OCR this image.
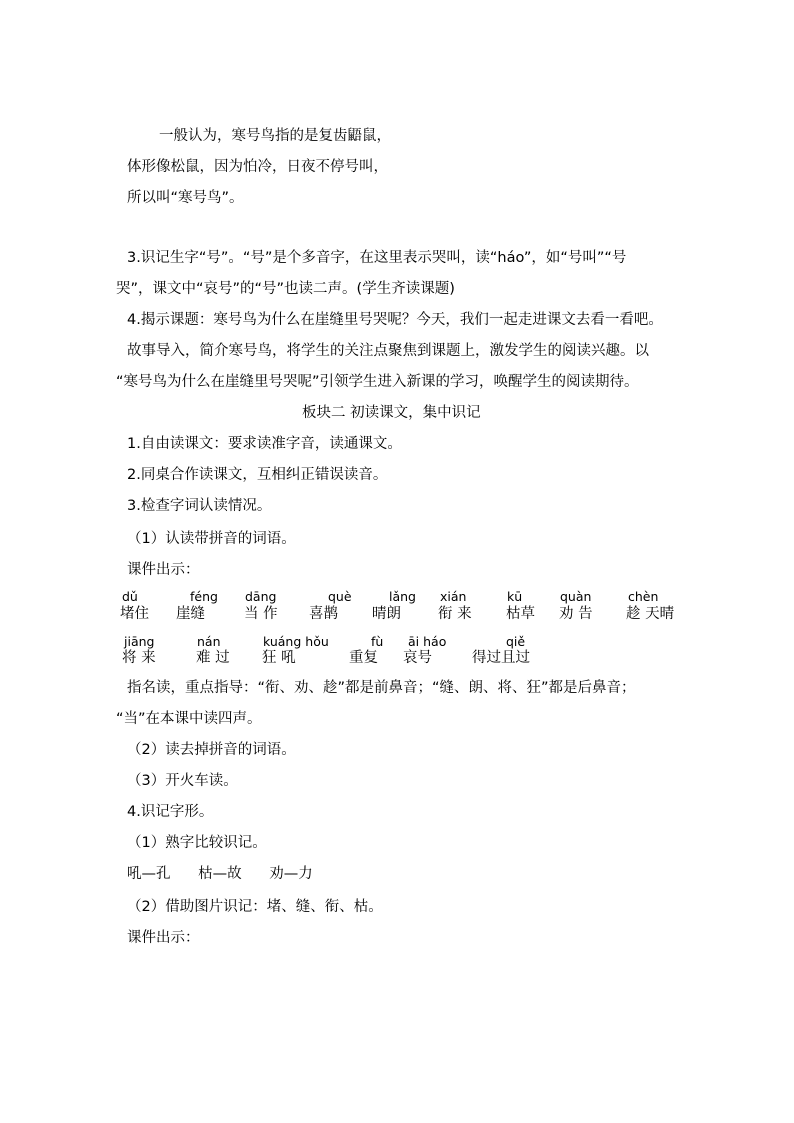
一般认为，寒号鸟指的是复齿鼯鼠，
体形像松鼠，因为怕冷，日夜不停号叫，
所以叫“寒号鸟”。
3.识记生字“号”。“号”是个多音字，在这里表示哭叫，读“háo”，如“号叫”“号
哭”，课文中“哀号”的“号”也读二声。(学生齐读课题)
4.揭示课题：寒号鸟为什么在崖缝里号哭呢？今天，我们一起走进课文去看一看吧。
故事导入，简介寒号鸟，将学生的关注点聚焦到课题上，激发学生的阅读兴趣。以
“寒号鸟为什么在崖缝里号哭呢”引领学生进入新课的学习，唤醒学生的阅读期待。
板块二 初读课文，集中识记
1.自由读课文：要求读准字音，读通课文。
2.同桌合作读课文，互相纠正错误读音。
3.检查字词认读情况。
（1）认读带拼音的词语。
课件出示：
dǔ	féng dāng	què	lǎng xián	kū	quàn	chèn
堵住 崖缝	当 作 喜鹊 晴朗	衔 来 枯草 劝 告 趁 天晴
jiāng	nán	kuáng hǒu	fù āi háo	qiě
将 来	难 过 狂 吼	重复 哀号	得过且过
指名读，重点指导：“衔、劝、趁”都是前鼻音；“缝、朗、将、狂”都是后鼻音；
“当”在本课中读四声。
（2）读去掉拼音的词语。
（3）开火车读。
4.识记字形。
（1）熟字比较识记。
吼—孔      枯—故      劝—力
（2）借助图片识记：堵、缝、衔、枯。
课件出示：
